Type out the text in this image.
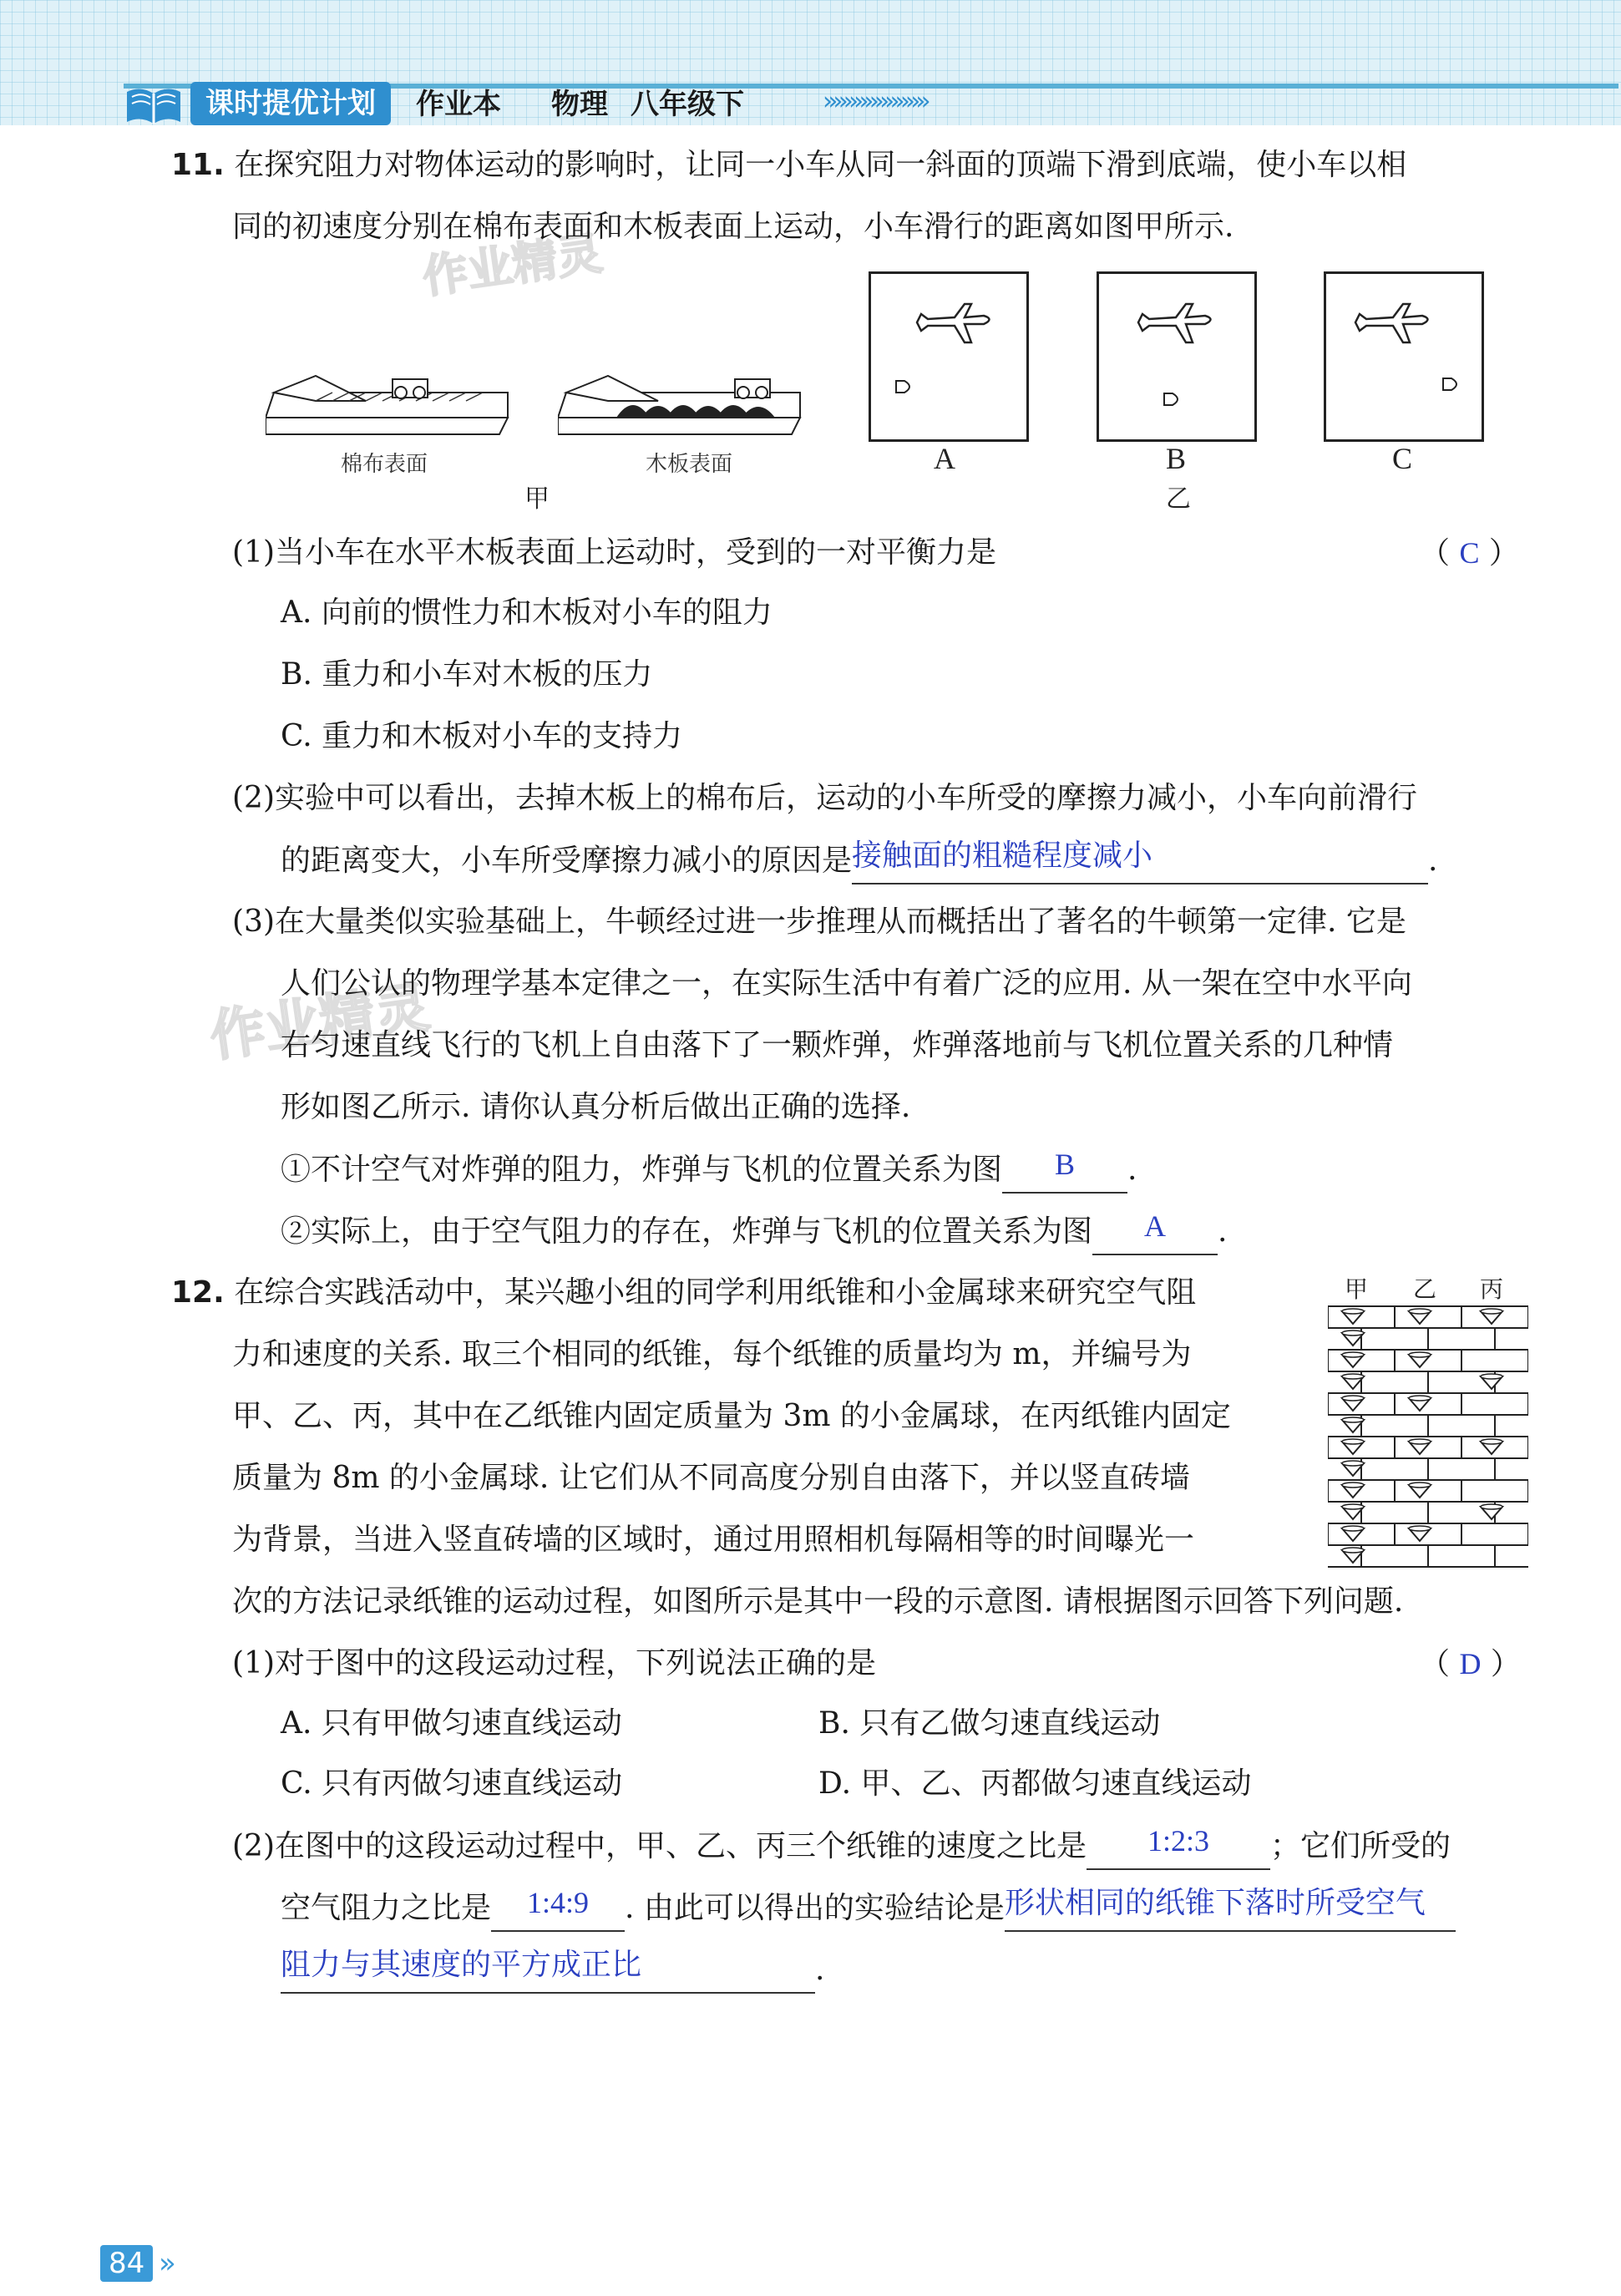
课时提优计划	作业本 物理 八年级下	»»»»»»»»»»
作业精灵
作业精灵
11. 在探究阻力对物体运动的影响时，让同一小车从同一斜面的顶端下滑到底端，使小车以相
同的初速度分别在棉布表面和木板表面上运动，小车滑行的距离如图甲所示.
棉布表面	木板表面
甲
A	B	C
乙
(1)当小车在水平木板表面上运动时，受到的一对平衡力是	（ C ）
A. 向前的惯性力和木板对小车的阻力
B. 重力和小车对木板的压力
C. 重力和木板对小车的支持力
(2)实验中可以看出，去掉木板上的棉布后，运动的小车所受的摩擦力减小，小车向前滑行
的距离变大，小车所受摩擦力减小的原因是接触面的粗糙程度减小	.
(3)在大量类似实验基础上，牛顿经过进一步推理从而概括出了著名的牛顿第一定律. 它是
人们公认的物理学基本定律之一，在实际生活中有着广泛的应用. 从一架在空中水平向
右匀速直线飞行的飞机上自由落下了一颗炸弹，炸弹落地前与飞机位置关系的几种情
形如图乙所示. 请你认真分析后做出正确的选择.
①不计空气对炸弹的阻力，炸弹与飞机的位置关系为图 B .
②实际上，由于空气阻力的存在，炸弹与飞机的位置关系为图 A .
12. 在综合实践活动中，某兴趣小组的同学利用纸锥和小金属球来研究空气阻
力和速度的关系. 取三个相同的纸锥，每个纸锥的质量均为 m，并编号为
甲、乙、丙，其中在乙纸锥内固定质量为 3m 的小金属球，在丙纸锥内固定
质量为 8m 的小金属球. 让它们从不同高度分别自由落下，并以竖直砖墙
为背景，当进入竖直砖墙的区域时，通过用照相机每隔相等的时间曝光一
次的方法记录纸锥的运动过程，如图所示是其中一段的示意图. 请根据图示回答下列问题.
甲 乙 丙
(1)对于图中的这段运动过程，下列说法正确的是	（ D ）
A. 只有甲做匀速直线运动	B. 只有乙做匀速直线运动
C. 只有丙做匀速直线运动	D. 甲、乙、丙都做匀速直线运动
(2)在图中的这段运动过程中，甲、乙、丙三个纸锥的速度之比是 1:2:3 ；它们所受的
空气阻力之比是 1:4:9 . 由此可以得出的实验结论是形状相同的纸锥下落时所受空气
阻力与其速度的平方成正比	.
84 »
